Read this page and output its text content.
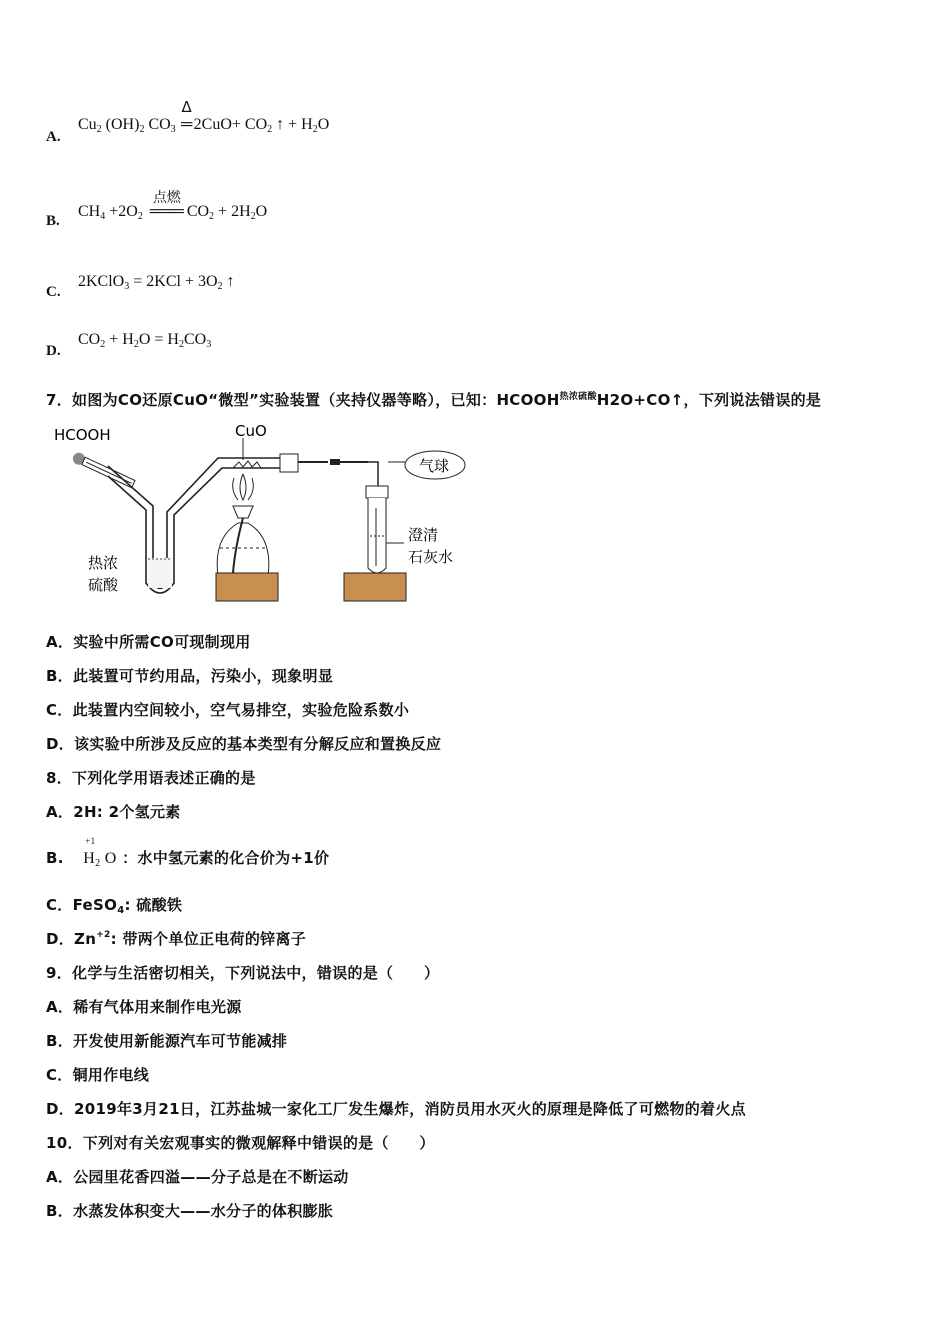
A.
$Cu_2$ $(OH)_2$ $CO_3$
Δ
═2CuO+ $CO_2$ ↑ + $H_2O$
B.
$CH_4 +2O_2$
点燃
═══ $CO_2 + 2H_2O$
C.
2KClO$_3$ = $2KCl + 3O_2$ ↑
D.
$CO_2 + H_2O = H_2CO_3$
7．如图为CO还原CuO“微型”实验装置（夹持仪器等略），已知：$HCOOH^{热浓硫酸}H2O+CO↑$，下列说法错误的是
HCOOH	CuO
热浓
硫酸
气球
澄清
石灰水
A．实验中所需CO可现制现用
B．此装置可节约用品，污染小，现象明显
C．此装置内空间较小，空气易排空，实验危险系数小
D．该实验中所涉及反应的基本类型有分解反应和置换反应
8．下列化学用语表述正确的是
A．2H: 2个氢元素
B.
+1
$H_2$ O ：水中氢元素的化合价为+1价
C．FeSO$_4$: 硫酸铁
D．$Zn^{+2}$: 带两个单位正电荷的锌离子
9．化学与生活密切相关，下列说法中，错误的是（　　）
A．稀有气体用来制作电光源
B．开发使用新能源汽车可节能减排
C．铜用作电线
D．2019年3月21日，江苏盐城一家化工厂发生爆炸，消防员用水灭火的原理是降低了可燃物的着火点
10．下列对有关宏观事实的微观解释中错误的是（　　）
A．公园里花香四溢——分子总是在不断运动
B．水蒸发体积变大——水分子的体积膨胀
